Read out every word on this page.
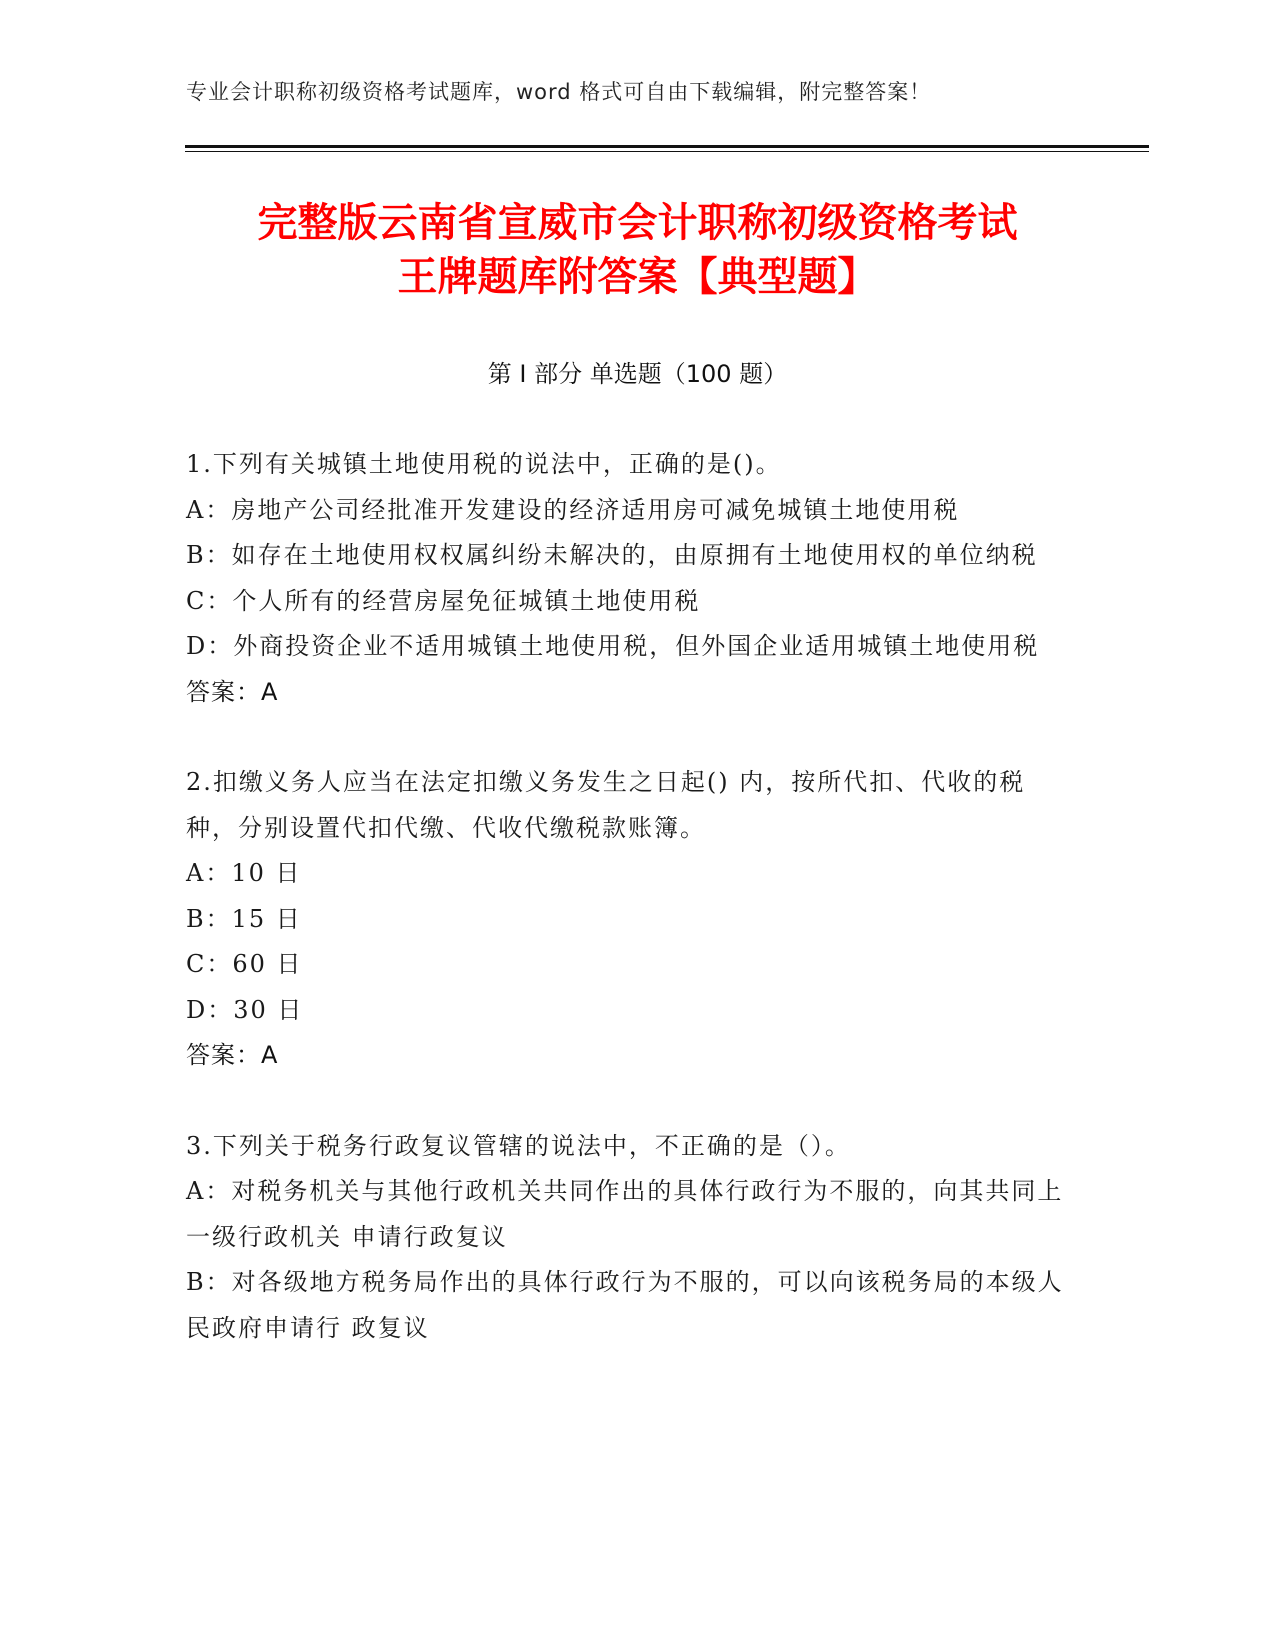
专业会计职称初级资格考试题库，word 格式可自由下载编辑，附完整答案！
完整版云南省宣威市会计职称初级资格考试
王牌题库附答案【典型题】
第 I 部分 单选题（100 题）

1.下列有关城镇土地使用税的说法中，正确的是()。

A：房地产公司经批准开发建设的经济适用房可减免城镇土地使用税

B：如存在土地使用权权属纠纷未解决的，由原拥有土地使用权的单位纳税

C：个人所有的经营房屋免征城镇土地使用税

D：外商投资企业不适用城镇土地使用税，但外国企业适用城镇土地使用税

答案：A

2.扣缴义务人应当在法定扣缴义务发生之日起() 内，按所代扣、代收的税种，分别设置代扣代缴、代收代缴税款账簿。

A：10 日

B：15 日

C：60 日

D：30 日

答案：A

3.下列关于税务行政复议管辖的说法中，不正确的是（）。

A：对税务机关与其他行政机关共同作出的具体行政行为不服的，向其共同上一级行政机关 申请行政复议

B：对各级地方税务局作出的具体行政行为不服的，可以向该税务局的本级人民政府申请行 政复议
